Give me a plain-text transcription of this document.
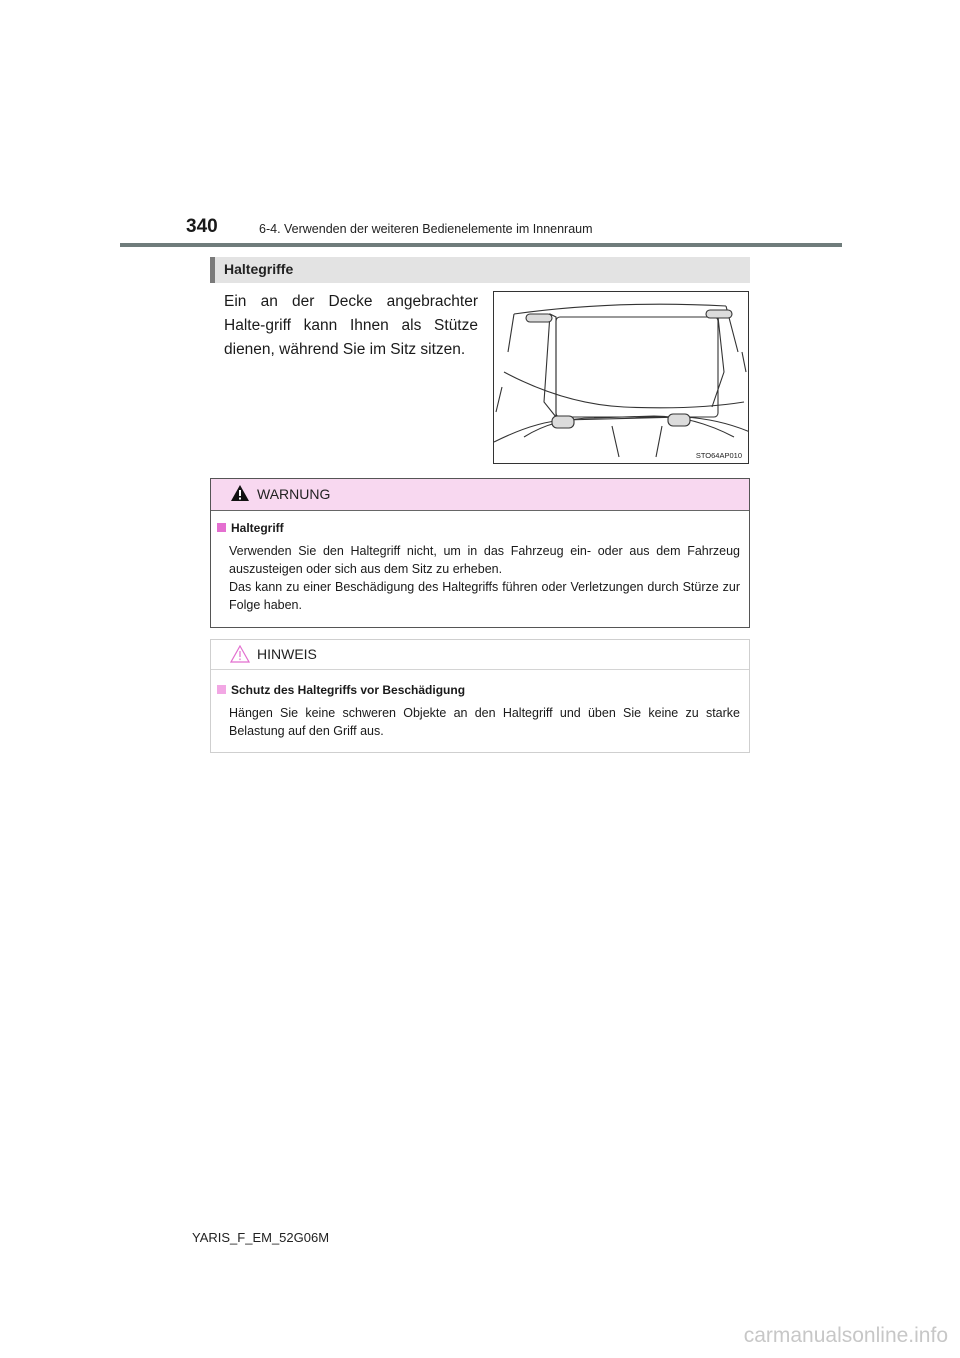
340	6-4. Verwenden der weiteren Bedienelemente im Innenraum
Haltegriffe
Ein an der Decke angebrachter Halte-griff kann Ihnen als Stütze dienen, während Sie im Sitz sitzen.
STO64AP010
WARNUNG
Haltegriff
Verwenden Sie den Haltegriff nicht, um in das Fahrzeug ein- oder aus dem Fahrzeug auszusteigen oder sich aus dem Sitz zu erheben.
Das kann zu einer Beschädigung des Haltegriffs führen oder Verletzungen durch Stürze zur Folge haben.
HINWEIS
Schutz des Haltegriffs vor Beschädigung
Hängen Sie keine schweren Objekte an den Haltegriff und üben Sie keine zu starke Belastung auf den Griff aus.
YARIS_F_EM_52G06M
carmanualsonline.info
